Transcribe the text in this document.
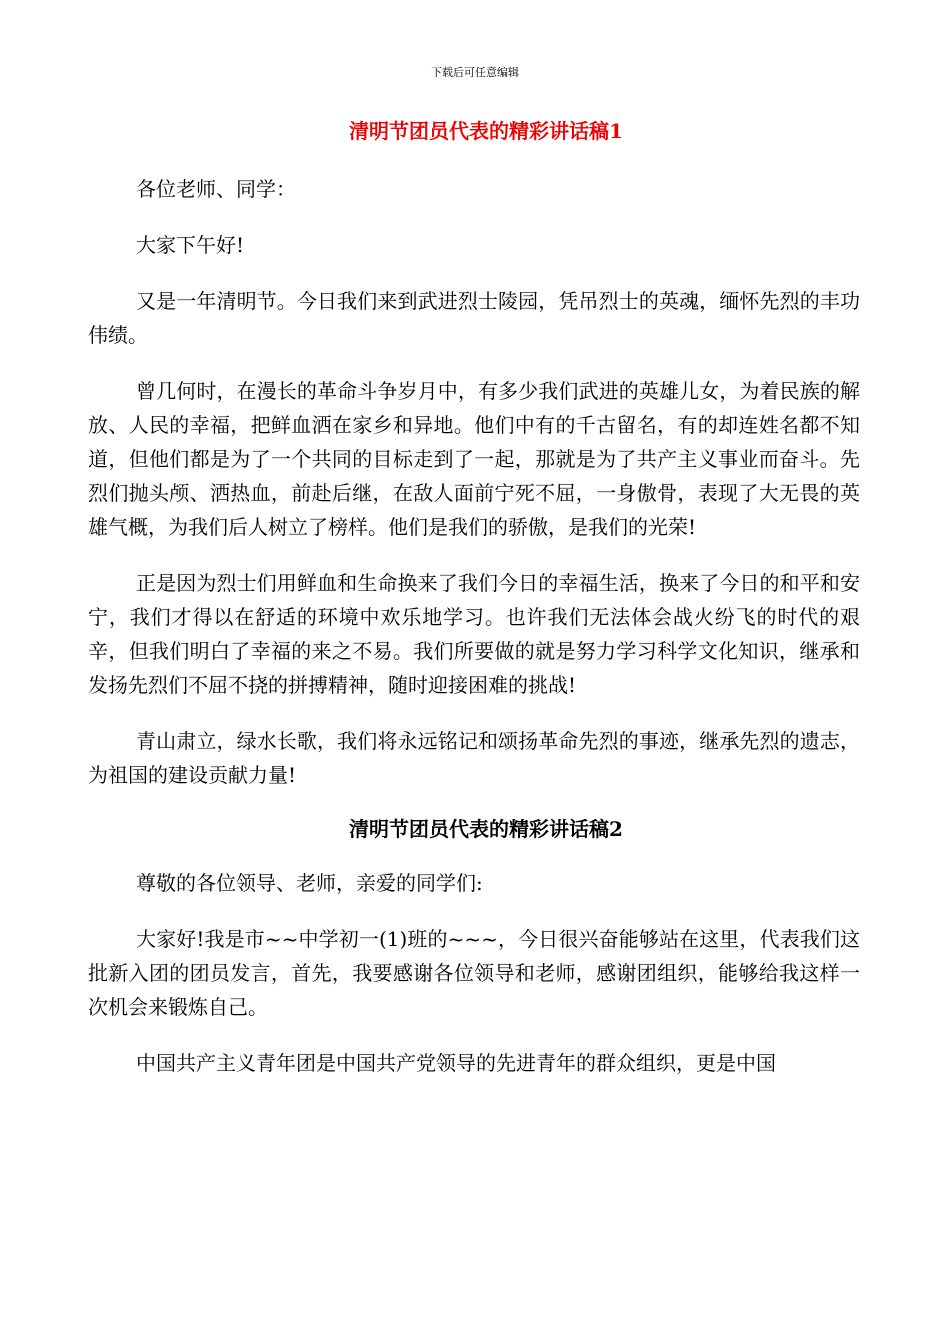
下载后可任意编辑
清明节团员代表的精彩讲话稿1

各位老师、同学：

大家下午好!

又是一年清明节。今日我们来到武进烈士陵园，凭吊烈士的英魂，缅怀先烈的丰功伟绩。

曾几何时，在漫长的革命斗争岁月中，有多少我们武进的英雄儿女，为着民族的解放、人民的幸福，把鲜血洒在家乡和异地。他们中有的千古留名，有的却连姓名都不知道，但他们都是为了一个共同的目标走到了一起，那就是为了共产主义事业而奋斗。先烈们抛头颅、洒热血，前赴后继，在敌人面前宁死不屈，一身傲骨，表现了大无畏的英雄气概，为我们后人树立了榜样。他们是我们的骄傲，是我们的光荣!

正是因为烈士们用鲜血和生命换来了我们今日的幸福生活，换来了今日的和平和安宁，我们才得以在舒适的环境中欢乐地学习。也许我们无法体会战火纷飞的时代的艰辛，但我们明白了幸福的来之不易。我们所要做的就是努力学习科学文化知识，继承和发扬先烈们不屈不挠的拼搏精神，随时迎接困难的挑战!

青山肃立，绿水长歌，我们将永远铭记和颂扬革命先烈的事迹，继承先烈的遗志，为祖国的建设贡献力量!

清明节团员代表的精彩讲话稿2

尊敬的各位领导、老师，亲爱的同学们:

大家好!我是市~~中学初一(1)班的~~~，今日很兴奋能够站在这里，代表我们这批新入团的团员发言，首先，我要感谢各位领导和老师，感谢团组织，能够给我这样一次机会来锻炼自己。

中国共产主义青年团是中国共产党领导的先进青年的群众组织，更是中国
